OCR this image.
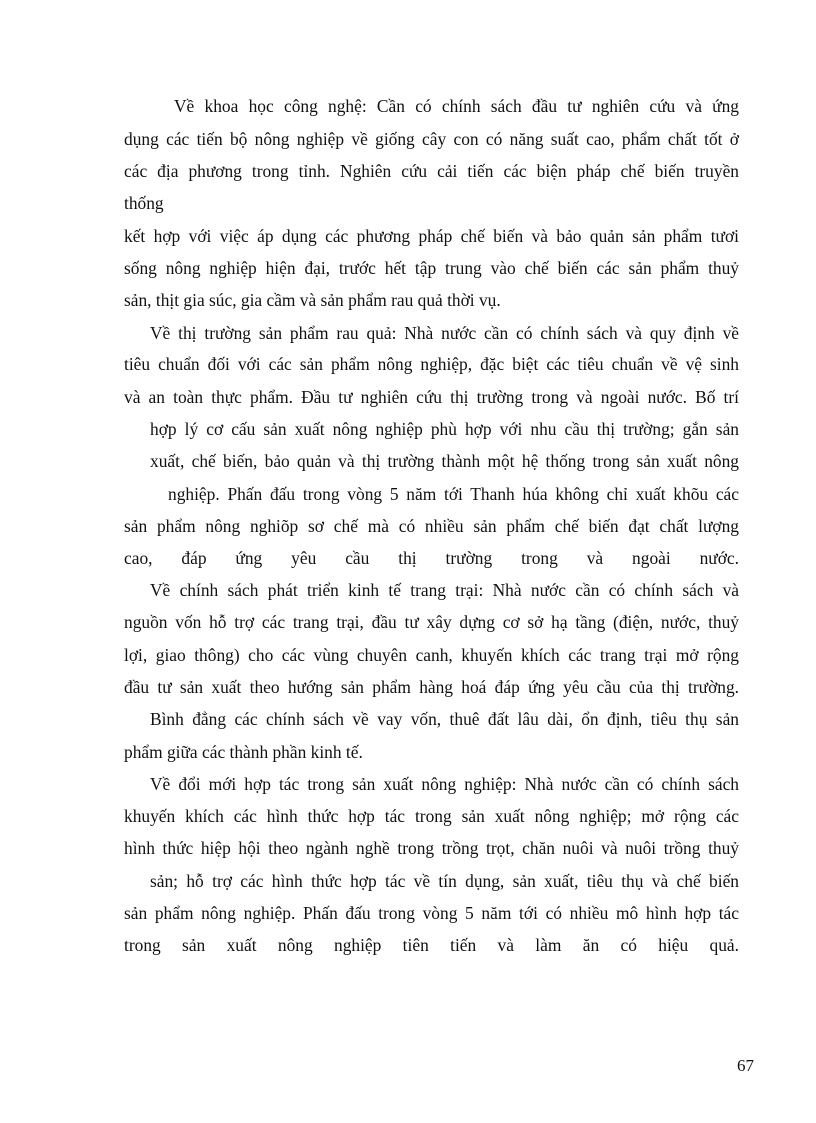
Về khoa học công nghệ: Cần có chính sách đầu tư nghiên cứu và ứng
dụng các tiến bộ nông nghiệp về giống cây con có năng suất cao, phẩm chất tốt ở
các địa phương trong tỉnh. Nghiên cứu cải tiến các biện pháp chế biến truyền
thống
kết hợp với việc áp dụng các phương pháp chế biến và bảo quản sản phẩm tươi
sống nông nghiệp hiện đại, trước hết tập trung vào chế biến các sản phẩm thuỷ
sản, thịt gia súc, gia cầm và sản phẩm rau quả thời vụ.
Về thị trường sản phẩm rau quả: Nhà nước cần có chính sách và quy định về
tiêu chuẩn đối với các sản phẩm nông nghiệp, đặc biệt các tiêu chuẩn về vệ sinh
và an toàn thực phẩm. Đầu tư nghiên cứu thị trường trong và ngoài nước. Bố trí
hợp lý cơ cấu sản xuất nông nghiệp phù hợp với nhu cầu thị trường; gắn sản
xuất, chế biến, bảo quản và thị trường thành một hệ thống trong sản xuất nông
nghiệp. Phấn đấu trong vòng 5 năm tới Thanh húa không chỉ xuất khõu các
sản phẩm nông nghiõp sơ chế mà có nhiều sản phẩm chế biến đạt chất lượng
cao, đáp ứng yêu cầu thị trường trong và ngoài nước.
Về chính sách phát triển kinh tế trang trại: Nhà nước cần có chính sách và
nguồn vốn hỗ trợ các trang trại, đầu tư xây dựng cơ sở hạ tầng (điện, nước, thuỷ
lợi, giao thông) cho các vùng chuyên canh, khuyến khích các trang trại mở rộng
đầu tư sản xuất theo hướng sản phẩm hàng hoá đáp ứng yêu cầu của thị trường.
Bình đẳng các chính sách về vay vốn, thuê đất lâu dài, ổn định, tiêu thụ sản
phẩm giữa các thành phần kinh tế.
Về đổi mới hợp tác trong sản xuất nông nghiệp: Nhà nước cần có chính sách
khuyến khích các hình thức hợp tác trong sản xuất nông nghiệp; mở rộng các
hình thức hiệp hội theo ngành nghề trong trồng trọt, chăn nuôi và nuôi trồng thuỷ
sản; hỗ trợ các hình thức hợp tác về tín dụng, sản xuất, tiêu thụ và chế biến
sản phẩm nông nghiệp. Phấn đấu trong vòng 5 năm tới có nhiều mô hình hợp tác
trong sản xuất nông nghiệp tiên tiến và làm ăn có hiệu quả.
67
